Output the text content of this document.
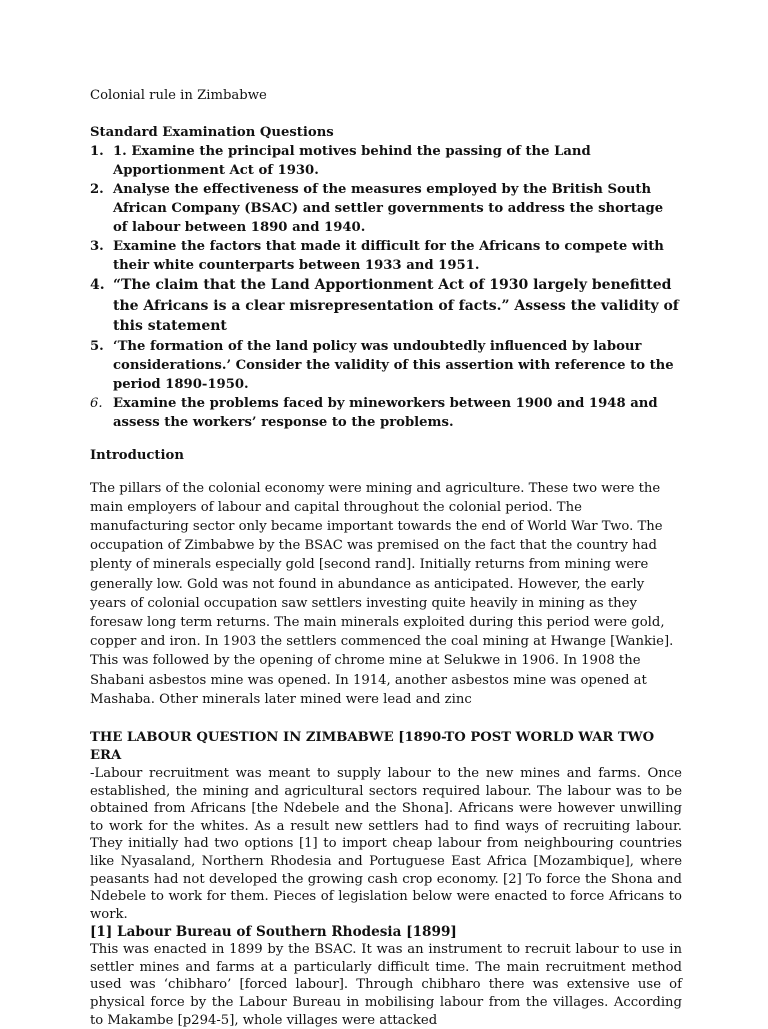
Colonial rule in Zimbabwe
Standard Examination Questions
1. 1. Examine the principal motives behind the passing of the Land Apportionment Act of 1930.
2. Analyse the effectiveness of the measures employed by the British South African Company (BSAC) and settler governments to address the shortage of labour between 1890 and 1940.
3. Examine the factors that made it difficult for the Africans to compete with their white counterparts between 1933 and 1951.
4. “The claim that the Land Apportionment Act of 1930 largely benefitted the Africans is a clear misrepresentation of facts.” Assess the validity of this statement
5. ‘The formation of the land policy was undoubtedly influenced by labour considerations.’ Consider the validity of this assertion with reference to the period 1890-1950.
6. Examine the problems faced by mineworkers between 1900 and 1948 and assess the workers’ response to the problems.
Introduction
The pillars of the colonial economy were mining and agriculture. These two were the main employers of labour and capital throughout the colonial period. The manufacturing sector only became important towards the end of World War Two. The occupation of Zimbabwe by the BSAC was premised on the fact that the country had plenty of minerals especially gold [second rand]. Initially returns from mining were generally low. Gold was not found in abundance as anticipated. However, the early years of colonial occupation saw settlers investing quite heavily in mining as they foresaw long term returns. The main minerals exploited during this period were gold, copper and iron. In 1903 the settlers commenced the coal mining at Hwange [Wankie]. This was followed by the opening of chrome mine at Selukwe in 1906. In 1908 the Shabani asbestos mine was opened. In 1914, another asbestos mine was opened at Mashaba. Other minerals later mined were lead and zinc
THE LABOUR QUESTION IN ZIMBABWE [1890-TO POST WORLD WAR TWO ERA
-Labour recruitment was meant to supply labour to the new mines and farms. Once established, the mining and agricultural sectors required labour. The labour was to be obtained from Africans [the Ndebele and the Shona]. Africans were however unwilling to work for the whites. As a result new settlers had to find ways of recruiting labour. They initially had two options [1] to import cheap labour from neighbouring countries like Nyasaland, Northern Rhodesia and Portuguese East Africa [Mozambique], where peasants had not developed the growing cash crop economy. [2] To force the Shona and Ndebele to work for them. Pieces of legislation below were enacted to force Africans to work.
[1] Labour Bureau of Southern Rhodesia [1899]
This was enacted in 1899 by the BSAC. It was an instrument to recruit labour to use in settler mines and farms at a particularly difficult time. The main recruitment method used was ‘chibharo’ [forced labour]. Through chibharo there was extensive use of physical force by the Labour Bureau in mobilising labour from the villages. According to Makambe [p294-5], whole villages were attacked
